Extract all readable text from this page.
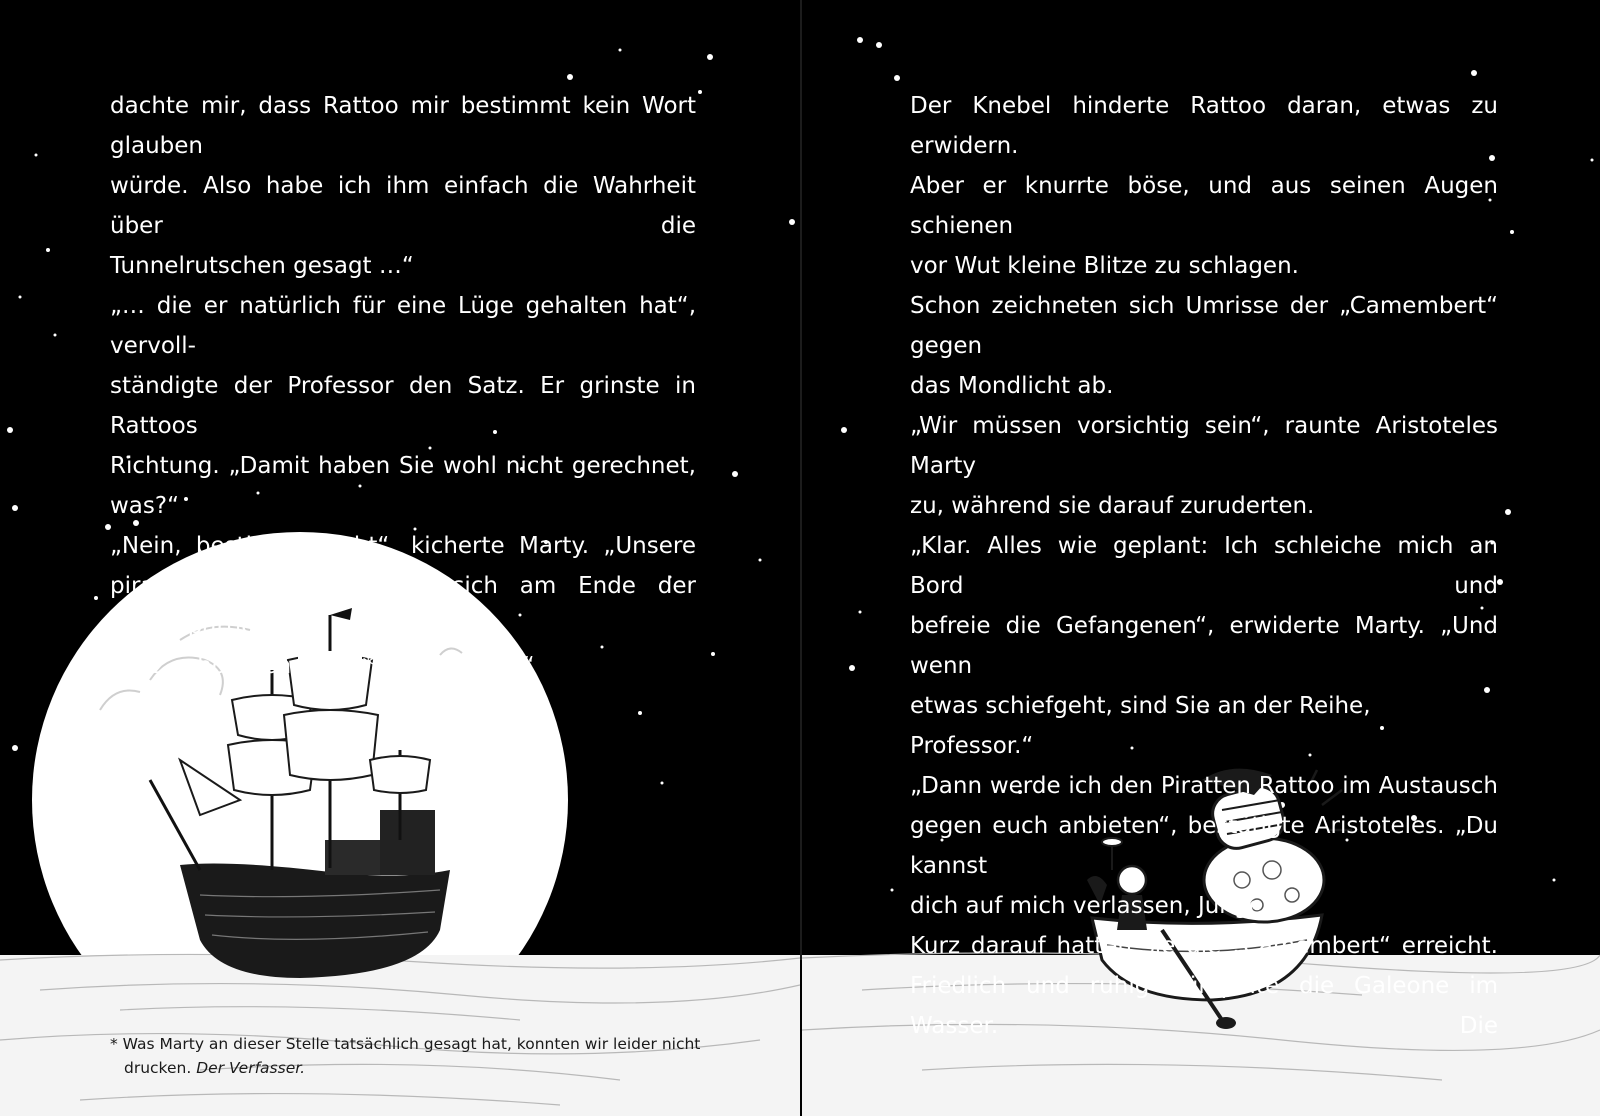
dachte mir, dass Rattoo mir bestimmt kein Wort glauben

würde. Also habe ich ihm einfach die Wahrheit über die

Tunnelrutschen gesagt …“

„… die er natürlich für eine Lüge gehalten hat“, vervoll-

ständigte der Professor den Satz. Er grinste in Rattoos

Richtung. „Damit haben Sie wohl nicht gerechnet, was?“

„Nein, bestimmt nicht“, kicherte Marty. „Unsere

pirattigen Freunde haben sich am Ende der Rutschpartie

ganz schön den	* aufgerissen.“

* Was Marty an dieser Stelle tatsächlich gesagt hat, konnten wir leider nicht
drucken. Der Verfasser.

Der Knebel hinderte Rattoo daran, etwas zu erwidern.

Aber er knurrte böse, und aus seinen Augen schienen

vor Wut kleine Blitze zu schlagen.

Schon zeichneten sich Umrisse der „Camembert“ gegen

das Mondlicht ab.

„Wir müssen vorsichtig sein“, raunte Aristoteles Marty

zu, während sie darauf zuruderten.

„Klar. Alles wie geplant: Ich schleiche mich an Bord und

befreie die Gefangenen“, erwiderte Marty. „Und wenn

etwas schiefgeht, sind Sie an der Reihe, Professor.“

„Dann werde ich den Piratten Rattoo im Austausch

gegen euch anbieten“, bestätigte Aristoteles. „Du kannst

dich auf mich verlassen, Junge.“

Kurz darauf hatten sie die „Camembert“ erreicht.

Friedlich und ruhig dümpelte die Galeone im Wasser. Die
